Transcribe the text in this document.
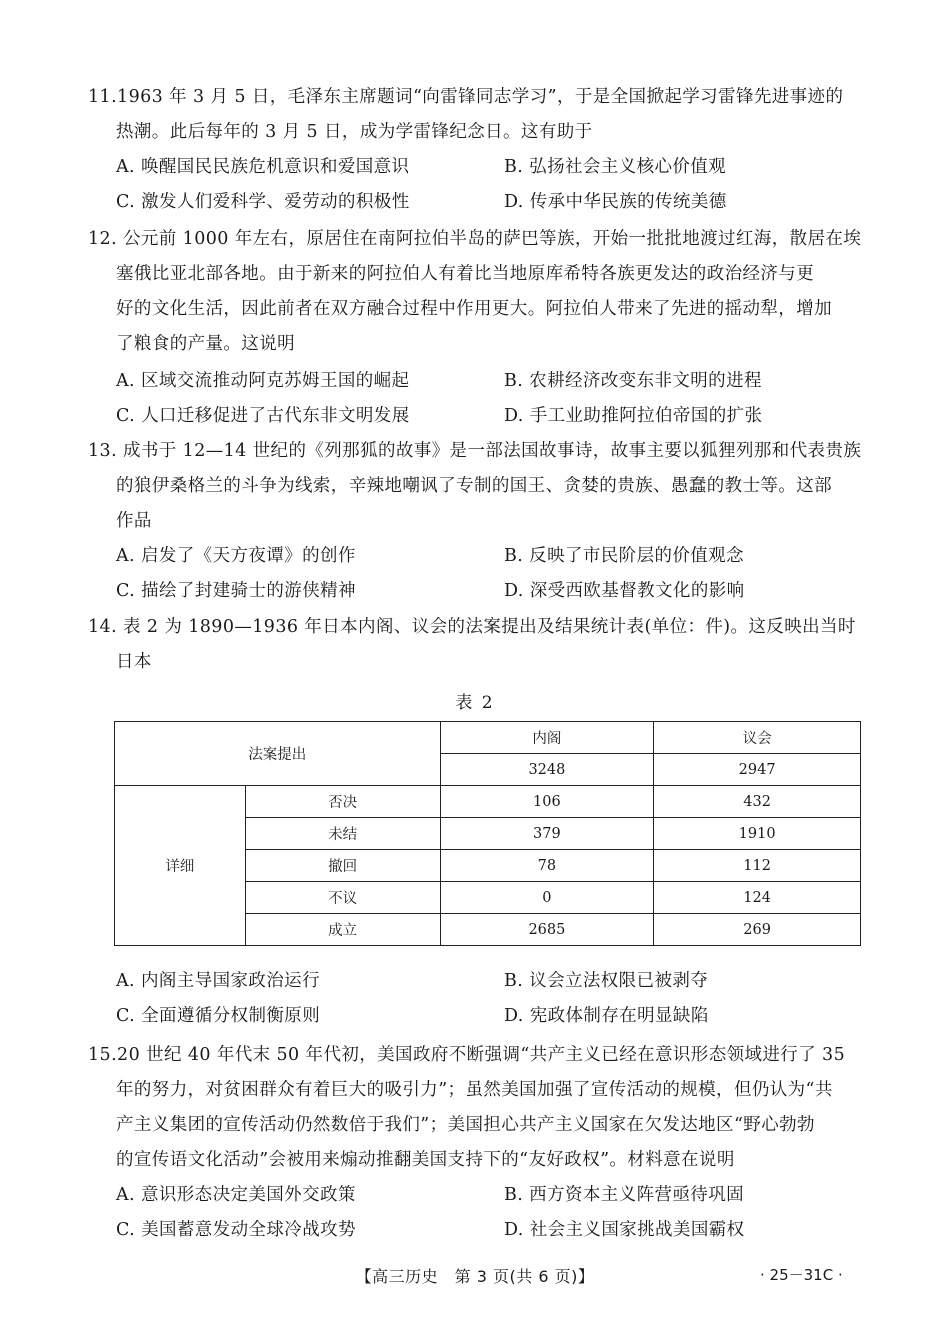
11.1963 年 3 月 5 日，毛泽东主席题词“向雷锋同志学习”，于是全国掀起学习雷锋先进事迹的
热潮。此后每年的 3 月 5 日，成为学雷锋纪念日。这有助于
A. 唤醒国民民族危机意识和爱国意识	B. 弘扬社会主义核心价值观
C. 激发人们爱科学、爱劳动的积极性	D. 传承中华民族的传统美德
12. 公元前 1000 年左右，原居住在南阿拉伯半岛的萨巴等族，开始一批批地渡过红海，散居在埃
塞俄比亚北部各地。由于新来的阿拉伯人有着比当地原库希特各族更发达的政治经济与更
好的文化生活，因此前者在双方融合过程中作用更大。阿拉伯人带来了先进的摇动犁，增加
了粮食的产量。这说明
A. 区域交流推动阿克苏姆王国的崛起	B. 农耕经济改变东非文明的进程
C. 人口迁移促进了古代东非文明发展	D. 手工业助推阿拉伯帝国的扩张
13. 成书于 12—14 世纪的《列那狐的故事》是一部法国故事诗，故事主要以狐狸列那和代表贵族
的狼伊桑格兰的斗争为线索，辛辣地嘲讽了专制的国王、贪婪的贵族、愚蠢的教士等。这部
作品
A. 启发了《天方夜谭》的创作	B. 反映了市民阶层的价值观念
C. 描绘了封建骑士的游侠精神	D. 深受西欧基督教文化的影响
14. 表 2 为 1890—1936 年日本内阁、议会的法案提出及结果统计表(单位：件)。这反映出当时
日本
表 2
法案提出		内阁	议会
		3248	2947
详细	否决	106	432
	未结	379	1910
	撤回	78	112
	不议	0	124
	成立	2685	269
A. 内阁主导国家政治运行	B. 议会立法权限已被剥夺
C. 全面遵循分权制衡原则	D. 宪政体制存在明显缺陷
15.20 世纪 40 年代末 50 年代初，美国政府不断强调“共产主义已经在意识形态领域进行了 35
年的努力，对贫困群众有着巨大的吸引力”；虽然美国加强了宣传活动的规模，但仍认为“共
产主义集团的宣传活动仍然数倍于我们”；美国担心共产主义国家在欠发达地区“野心勃勃
的宣传语文化活动”会被用来煽动推翻美国支持下的“友好政权”。材料意在说明
A. 意识形态决定美国外交政策	B. 西方资本主义阵营亟待巩固
C. 美国蓄意发动全球冷战攻势	D. 社会主义国家挑战美国霸权
【高三历史　第 3 页(共 6 页)】	· 25－31C ·
